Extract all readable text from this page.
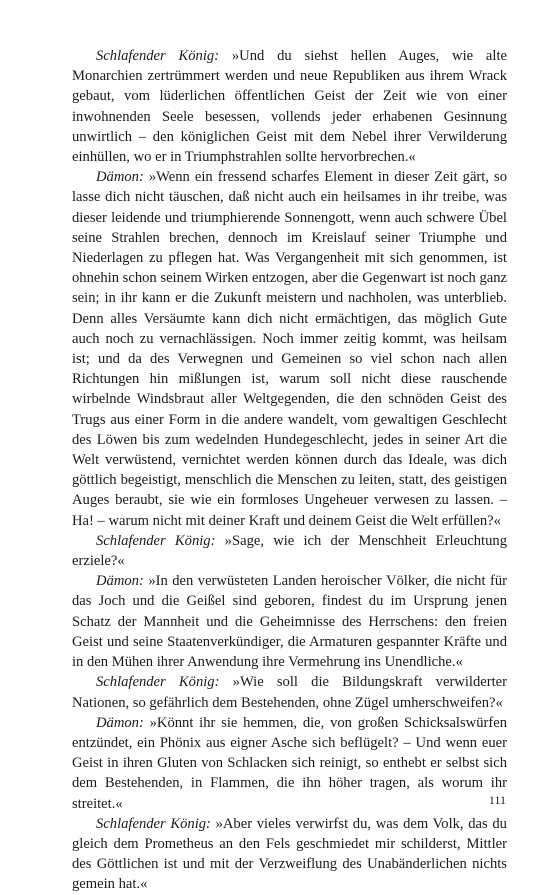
Schlafender König: »Und du siehst hellen Auges, wie alte Monarchien zertrümmert werden und neue Republiken aus ihrem Wrack gebaut, vom lüderlichen öffentlichen Geist der Zeit wie von einer inwohnenden Seele besessen, vollends jeder erhabenen Gesinnung unwirtlich – den königlichen Geist mit dem Nebel ihrer Verwilderung einhüllen, wo er in Triumphstrahlen sollte hervorbrechen.«

Dämon: »Wenn ein fressend scharfes Element in dieser Zeit gärt, so lasse dich nicht täuschen, daß nicht auch ein heilsames in ihr treibe, was dieser leidende und triumphierende Sonnengott, wenn auch schwere Übel seine Strahlen brechen, dennoch im Kreislauf seiner Triumphe und Niederlagen zu pflegen hat. Was Vergangenheit mit sich genommen, ist ohnehin schon seinem Wirken entzogen, aber die Gegenwart ist noch ganz sein; in ihr kann er die Zukunft meistern und nachholen, was unterblieb. Denn alles Versäumte kann dich nicht ermächtigen, das möglich Gute auch noch zu vernachlässigen. Noch immer zeitig kommt, was heilsam ist; und da des Verwegnen und Gemeinen so viel schon nach allen Richtungen hin mißlungen ist, warum soll nicht diese rauschende wirbelnde Windsbraut aller Weltgegenden, die den schnöden Geist des Trugs aus einer Form in die andere wandelt, vom gewaltigen Geschlecht des Löwen bis zum wedelnden Hundegeschlecht, jedes in seiner Art die Welt verwüstend, vernichtet werden können durch das Ideale, was dich göttlich begeistigt, menschlich die Menschen zu leiten, statt, des geistigen Auges beraubt, sie wie ein formloses Ungeheuer verwesen zu lassen. – Ha! – warum nicht mit deiner Kraft und deinem Geist die Welt erfüllen?«

Schlafender König: »Sage, wie ich der Menschheit Erleuchtung erziele?«

Dämon: »In den verwüsteten Landen heroischer Völker, die nicht für das Joch und die Geißel sind geboren, findest du im Ursprung jenen Schatz der Mannheit und die Geheimnisse des Herrschens: den freien Geist und seine Staatenverkündiger, die Armaturen gespannter Kräfte und in den Mühen ihrer Anwendung ihre Vermehrung ins Unendliche.«

Schlafender König: »Wie soll die Bildungskraft verwilderter Nationen, so gefährlich dem Bestehenden, ohne Zügel umherschweifen?«

Dämon: »Könnt ihr sie hemmen, die, von großen Schicksalswürfen entzündet, ein Phönix aus eigner Asche sich beflügelt? – Und wenn euer Geist in ihren Gluten von Schlacken sich reinigt, so enthebt er selbst sich dem Bestehenden, in Flammen, die ihn höher tragen, als worum ihr streitet.«

Schlafender König: »Aber vieles verwirfst du, was dem Volk, das du gleich dem Prometheus an den Fels geschmiedet mir schilderst, Mittler des Göttlichen ist und mit der Verzweiflung des Unabänderlichen nichts gemein hat.«

111
